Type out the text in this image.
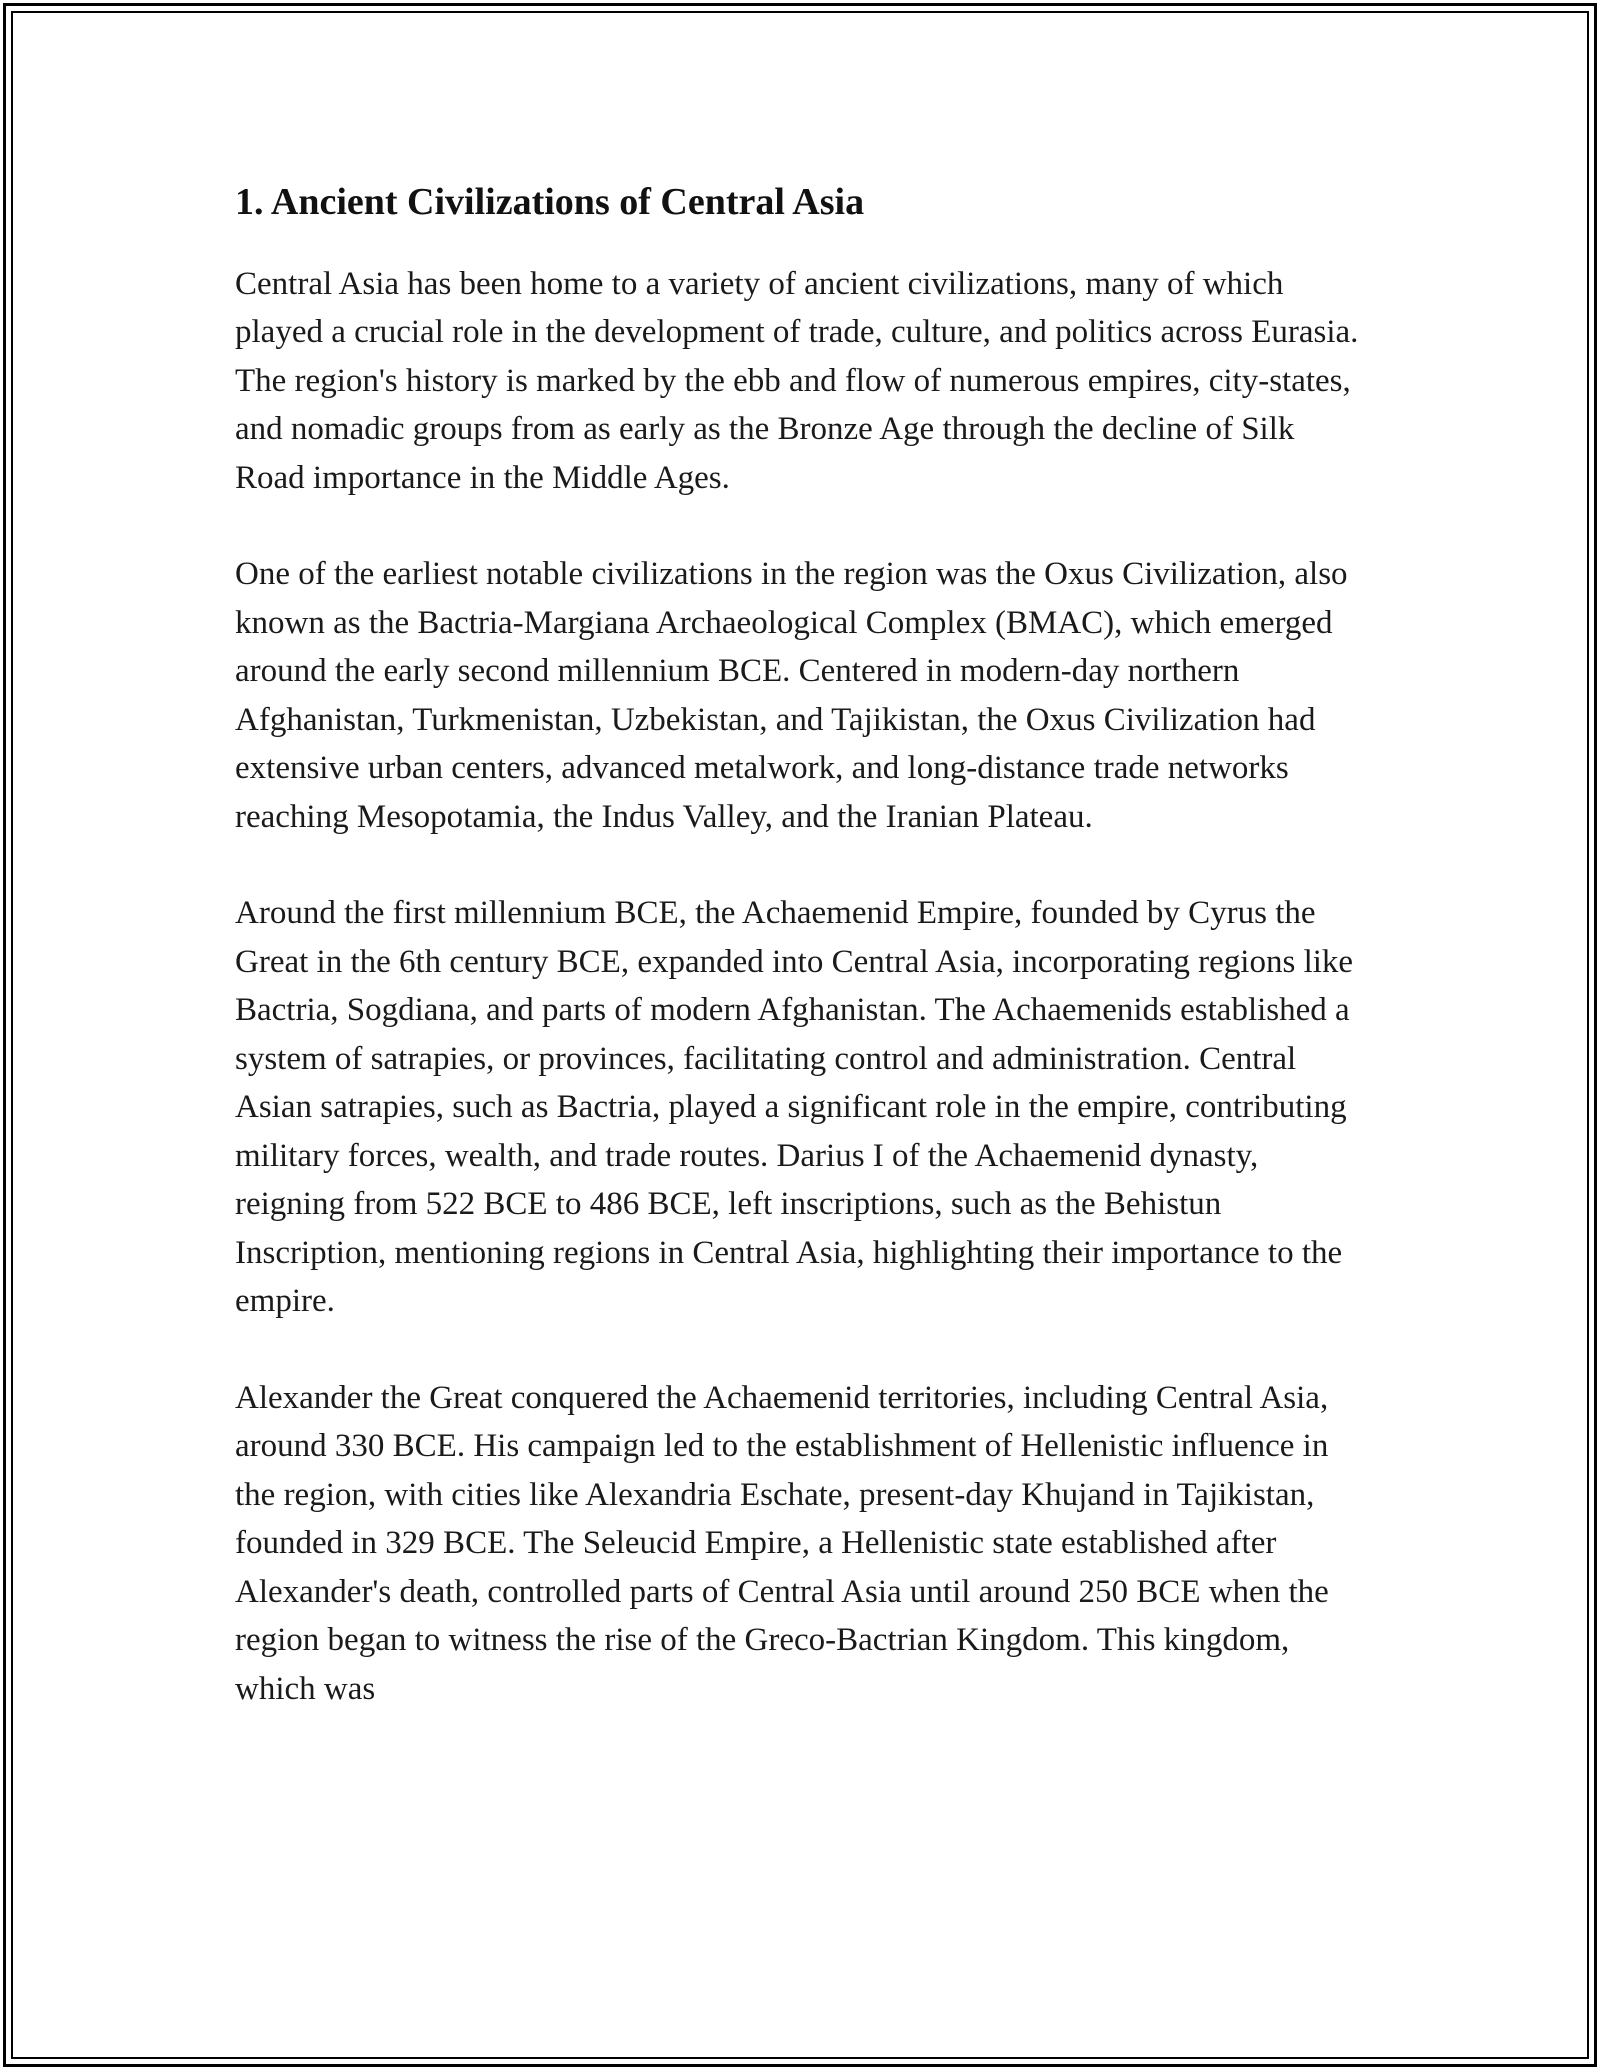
1. Ancient Civilizations of Central Asia

Central Asia has been home to a variety of ancient civilizations, many of which played a crucial role in the development of trade, culture, and politics across Eurasia. The region's history is marked by the ebb and flow of numerous empires, city-states, and nomadic groups from as early as the Bronze Age through the decline of Silk Road importance in the Middle Ages.

One of the earliest notable civilizations in the region was the Oxus Civilization, also known as the Bactria-Margiana Archaeological Complex (BMAC), which emerged around the early second millennium BCE. Centered in modern-day northern Afghanistan, Turkmenistan, Uzbekistan, and Tajikistan, the Oxus Civilization had extensive urban centers, advanced metalwork, and long-distance trade networks reaching Mesopotamia, the Indus Valley, and the Iranian Plateau.

Around the first millennium BCE, the Achaemenid Empire, founded by Cyrus the Great in the 6th century BCE, expanded into Central Asia, incorporating regions like Bactria, Sogdiana, and parts of modern Afghanistan. The Achaemenids established a system of satrapies, or provinces, facilitating control and administration. Central Asian satrapies, such as Bactria, played a significant role in the empire, contributing military forces, wealth, and trade routes. Darius I of the Achaemenid dynasty, reigning from 522 BCE to 486 BCE, left inscriptions, such as the Behistun Inscription, mentioning regions in Central Asia, highlighting their importance to the empire.

Alexander the Great conquered the Achaemenid territories, including Central Asia, around 330 BCE. His campaign led to the establishment of Hellenistic influence in the region, with cities like Alexandria Eschate, present-day Khujand in Tajikistan, founded in 329 BCE. The Seleucid Empire, a Hellenistic state established after Alexander's death, controlled parts of Central Asia until around 250 BCE when the region began to witness the rise of the Greco-Bactrian Kingdom. This kingdom, which was
